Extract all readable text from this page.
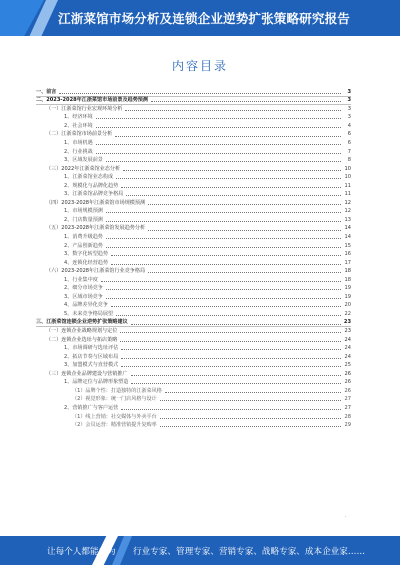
江浙菜馆市场分析及连锁企业逆势扩张策略研究报告
内容目录
一、前言	3
二、2023-2028年江浙菜馆市场前景及趋势预测	3
（一）江浙菜馆行业宏观环境分析	3
1、经济环境	3
2、社会环境	4
（二）江浙菜馆市场前景分析	6
1、市场机遇	6
2、行业挑战	7
3、区域发展前景	8
（三）2022年江浙菜馆业态分析	10
1、江浙菜馆业态构成	10
2、规模化与品牌化趋势	11
3、江浙菜馆品牌竞争格局	11
（四）2023-2028年江浙菜馆市场规模预测	12
1、市场规模预测	12
2、门店数量预测	13
（五）2023-2028年江浙菜馆发展趋势分析	14
1、消费升级趋势	14
2、产品创新趋势	15
3、数字化转型趋势	16
4、连锁化经营趋势	17
（六）2023-2028年江浙菜馆行业竞争格局	18
1、行业集中度	18
2、细分市场竞争	19
3、区域市场竞争	19
4、品牌差异化竞争	20
5、未来竞争格局展望	22
三、江浙菜馆连锁企业逆势扩张策略建议	23
（一）连锁企业战略规划与定位	23
（二）连锁企业选址与拓店策略	24
1、市场调研与选址评估	24
2、拓店节奏与区域布局	24
3、加盟模式与直营模式	25
（三）连锁企业品牌建设与营销推广	26
1、品牌定位与品牌形象塑造	26
（1）品牌个性：打造独特的江浙菜风格	26
（2）视觉形象：统一门店风格与设计	27
2、营销推广与客户运营	27
（1）线上营销：社交媒体与外卖平台	28
（2）会员运营：精准营销提升复购率	29
·
让每个人都能成为 行业专家、管理专家、营销专家、战略专家、成本企业家……
